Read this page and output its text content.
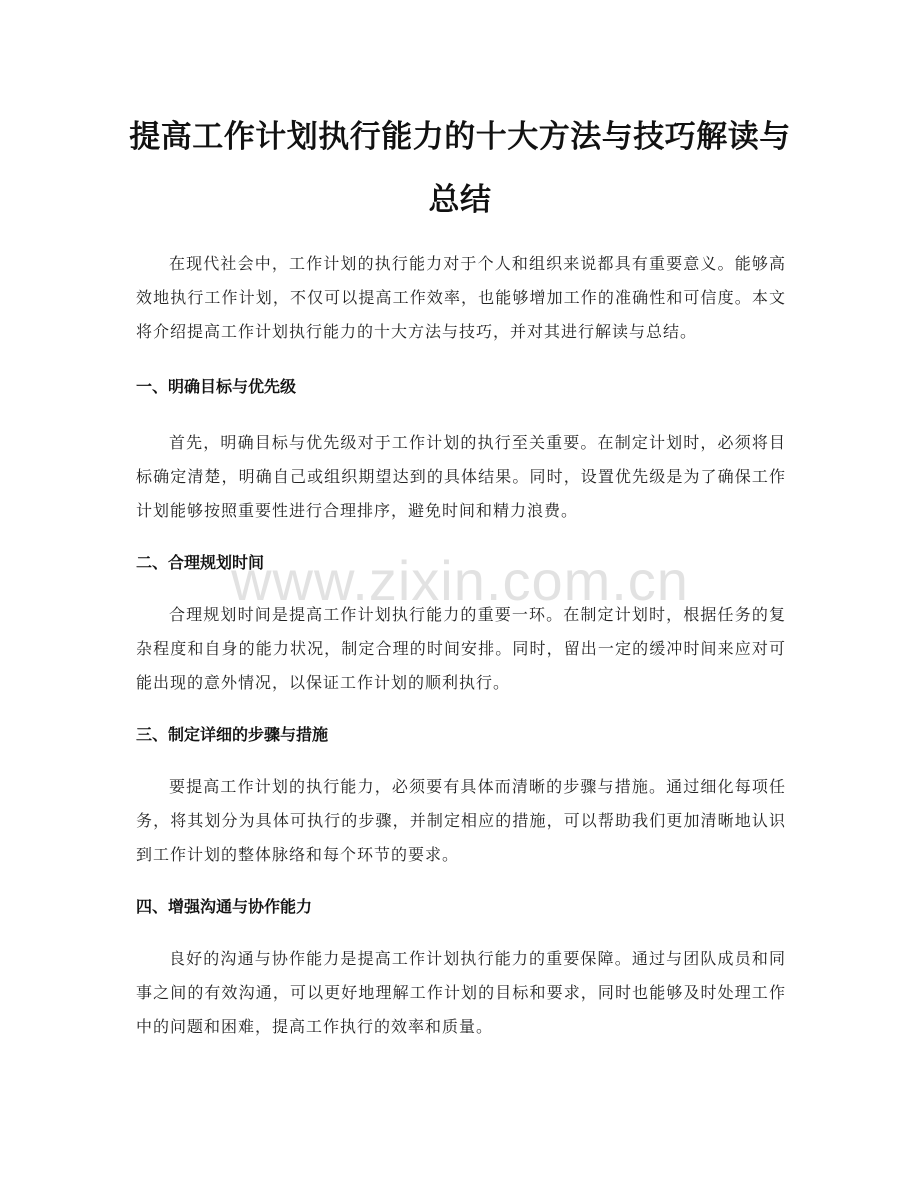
提高工作计划执行能力的十大方法与技巧解读与总结

在现代社会中，工作计划的执行能力对于个人和组织来说都具有重要意义。能够高效地执行工作计划，不仅可以提高工作效率，也能够增加工作的准确性和可信度。本文将介绍提高工作计划执行能力的十大方法与技巧，并对其进行解读与总结。

一、明确目标与优先级

首先，明确目标与优先级对于工作计划的执行至关重要。在制定计划时，必须将目标确定清楚，明确自己或组织期望达到的具体结果。同时，设置优先级是为了确保工作计划能够按照重要性进行合理排序，避免时间和精力浪费。

二、合理规划时间

合理规划时间是提高工作计划执行能力的重要一环。在制定计划时，根据任务的复杂程度和自身的能力状况，制定合理的时间安排。同时，留出一定的缓冲时间来应对可能出现的意外情况，以保证工作计划的顺利执行。

三、制定详细的步骤与措施

要提高工作计划的执行能力，必须要有具体而清晰的步骤与措施。通过细化每项任务，将其划分为具体可执行的步骤，并制定相应的措施，可以帮助我们更加清晰地认识到工作计划的整体脉络和每个环节的要求。

四、增强沟通与协作能力

良好的沟通与协作能力是提高工作计划执行能力的重要保障。通过与团队成员和同事之间的有效沟通，可以更好地理解工作计划的目标和要求，同时也能够及时处理工作中的问题和困难，提高工作执行的效率和质量。

www.zixin.com.cn
